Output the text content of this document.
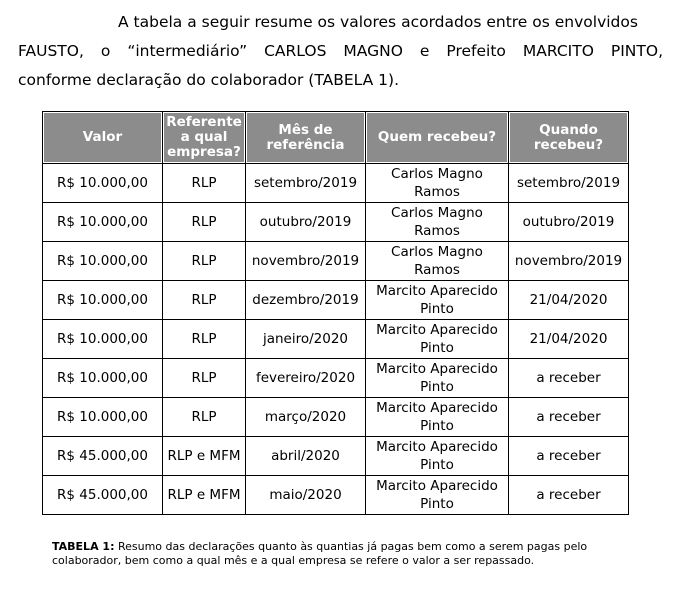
A tabela a seguir resume os valores acordados entre os envolvidos
FAUSTO, o “intermediário” CARLOS MAGNO e Prefeito MARCITO PINTO,
conforme declaração do colaborador (TABELA 1).

Valor	Referente a qual empresa?	Mês de referência	Quem recebeu?	Quando recebeu?
R$ 10.000,00	RLP	setembro/2019	Carlos Magno Ramos	setembro/2019
R$ 10.000,00	RLP	outubro/2019	Carlos Magno Ramos	outubro/2019
R$ 10.000,00	RLP	novembro/2019	Carlos Magno Ramos	novembro/2019
R$ 10.000,00	RLP	dezembro/2019	Marcito Aparecido Pinto	21/04/2020
R$ 10.000,00	RLP	janeiro/2020	Marcito Aparecido Pinto	21/04/2020
R$ 10.000,00	RLP	fevereiro/2020	Marcito Aparecido Pinto	a receber
R$ 10.000,00	RLP	março/2020	Marcito Aparecido Pinto	a receber
R$ 45.000,00	RLP e MFM	abril/2020	Marcito Aparecido Pinto	a receber
R$ 45.000,00	RLP e MFM	maio/2020	Marcito Aparecido Pinto	a receber

TABELA 1: Resumo das declarações quanto às quantias já pagas bem como a serem pagas pelo colaborador, bem como a qual mês e a qual empresa se refere o valor a ser repassado.
